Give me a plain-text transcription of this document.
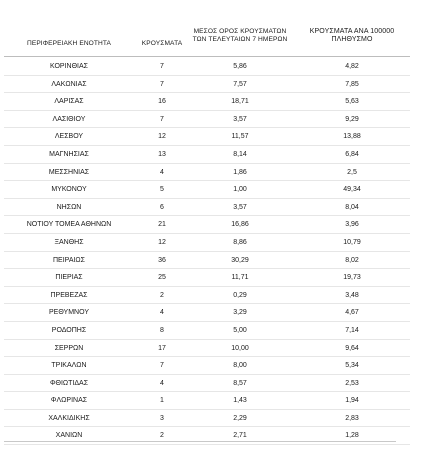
ΠΕΡΙΦΕΡΕΙΑΚΗ ΕΝΟΤΗΤΑ	ΚΡΟΥΣΜΑΤΑ
ΜΕΣΟΣ ΟΡΟΣ ΚΡΟΥΣΜΑΤΩΝ
ΤΩΝ ΤΕΛΕΥΤΑΙΩΝ 7 ΗΜΕΡΩΝ
ΚΡΟΥΣΜΑΤΑ ΑΝΑ 100000
ΠΛΗΘΥΣΜΟ
ΚΟΡΙΝΘΙΑΣ	7	5,86	4,82
ΛΑΚΩΝΙΑΣ	7	7,57	7,85
ΛΑΡΙΣΑΣ	16	18,71	5,63
ΛΑΣΙΘΙΟΥ	7	3,57	9,29
ΛΕΣΒΟΥ	12	11,57	13,88
ΜΑΓΝΗΣΙΑΣ	13	8,14	6,84
ΜΕΣΣΗΝΙΑΣ	4	1,86	2,5
ΜΥΚΟΝΟΥ	5	1,00	49,34
ΝΗΣΩΝ	6	3,57	8,04
ΝΟΤΙΟΥ ΤΟΜΕΑ ΑΘΗΝΩΝ	21	16,86	3,96
ΞΑΝΘΗΣ	12	8,86	10,79
ΠΕΙΡΑΙΩΣ	36	30,29	8,02
ΠΙΕΡΙΑΣ	25	11,71	19,73
ΠΡΕΒΕΖΑΣ	2	0,29	3,48
ΡΕΘΥΜΝΟΥ	4	3,29	4,67
ΡΟΔΟΠΗΣ	8	5,00	7,14
ΣΕΡΡΩΝ	17	10,00	9,64
ΤΡΙΚΑΛΩΝ	7	8,00	5,34
ΦΘΙΩΤΙΔΑΣ	4	8,57	2,53
ΦΛΩΡΙΝΑΣ	1	1,43	1,94
ΧΑΛΚΙΔΙΚΗΣ	3	2,29	2,83
ΧΑΝΙΩΝ	2	2,71	1,28
